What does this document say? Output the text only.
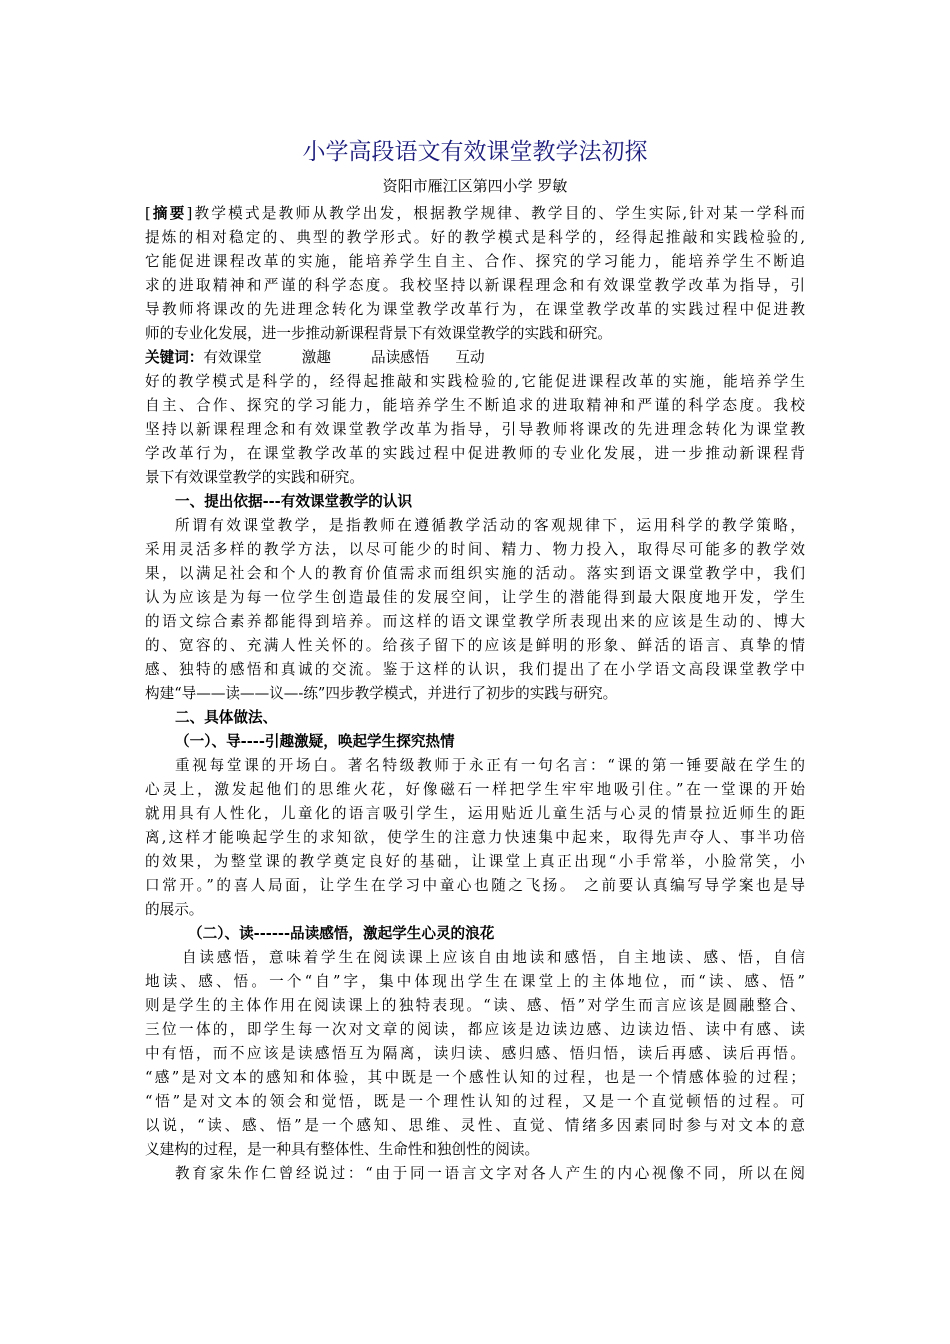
小学高段语文有效课堂教学法初探
资阳市雁江区第四小学 罗敏
[摘要]教学模式是教师从教学出发，根据教学规律、教学目的、学生实际,针对某一学科而
提炼的相对稳定的、典型的教学形式。好的教学模式是科学的，经得起推敲和实践检验的,
它能促进课程改革的实施，能培养学生自主、合作、探究的学习能力，能培养学生不断追
求的进取精神和严谨的科学态度。我校坚持以新课程理念和有效课堂教学改革为指导，引
导教师将课改的先进理念转化为课堂教学改革行为，在课堂教学改革的实践过程中促进教
师的专业化发展，进一步推动新课程背景下有效课堂教学的实践和研究。
关键词：有效课堂	激趣	品读感悟 互动
好的教学模式是科学的，经得起推敲和实践检验的,它能促进课程改革的实施，能培养学生
自主、合作、探究的学习能力，能培养学生不断追求的进取精神和严谨的科学态度。我校
坚持以新课程理念和有效课堂教学改革为指导，引导教师将课改的先进理念转化为课堂教
学改革行为，在课堂教学改革的实践过程中促进教师的专业化发展，进一步推动新课程背
景下有效课堂教学的实践和研究。
一、提出依据---有效课堂教学的认识
所谓有效课堂教学，是指教师在遵循教学活动的客观规律下，运用科学的教学策略，
采用灵活多样的教学方法，以尽可能少的时间、精力、物力投入，取得尽可能多的教学效
果，以满足社会和个人的教育价值需求而组织实施的活动。落实到语文课堂教学中，我们
认为应该是为每一位学生创造最佳的发展空间，让学生的潜能得到最大限度地开发，学生
的语文综合素养都能得到培养。而这样的语文课堂教学所表现出来的应该是生动的、博大
的、宽容的、充满人性关怀的。给孩子留下的应该是鲜明的形象、鲜活的语言、真挚的情
感、独特的感悟和真诚的交流。鉴于这样的认识，我们提出了在小学语文高段课堂教学中
构建“导——读——议—-练”四步教学模式，并进行了初步的实践与研究。
二、具体做法、
（一）、导----引趣激疑，唤起学生探究热情
重视每堂课的开场白。著名特级教师于永正有一句名言：“课的第一锤要敲在学生的
心灵上，激发起他们的思维火花，好像磁石一样把学生牢牢地吸引住。”在一堂课的开始
就用具有人性化，儿童化的语言吸引学生，运用贴近儿童生活与心灵的情景拉近师生的距
离,这样才能唤起学生的求知欲，使学生的注意力快速集中起来，取得先声夺人、事半功倍
的效果，为整堂课的教学奠定良好的基础，让课堂上真正出现“小手常举，小脸常笑，小
口常开。”的喜人局面，让学生在学习中童心也随之飞扬。 之前要认真编写导学案也是导
的展示。
（二）、读------品读感悟，激起学生心灵的浪花
自读感悟，意味着学生在阅读课上应该自由地读和感悟，自主地读、感、悟，自信
地读、感、悟。一个“自”字，集中体现出学生在课堂上的主体地位，而“读、感、悟”
则是学生的主体作用在阅读课上的独特表现。“读、感、悟”对学生而言应该是圆融整合、
三位一体的，即学生每一次对文章的阅读，都应该是边读边感、边读边悟、读中有感、读
中有悟，而不应该是读感悟互为隔离，读归读、感归感、悟归悟，读后再感、读后再悟。
“感”是对文本的感知和体验，其中既是一个感性认知的过程，也是一个情感体验的过程；
“悟”是对文本的领会和觉悟，既是一个理性认知的过程，又是一个直觉顿悟的过程。可
以说，“读、感、悟”是一个感知、思维、灵性、直觉、情绪多因素同时参与对文本的意
义建构的过程，是一种具有整体性、生命性和独创性的阅读。
教育家朱作仁曾经说过：“由于同一语言文字对各人产生的内心视像不同，所以在阅
